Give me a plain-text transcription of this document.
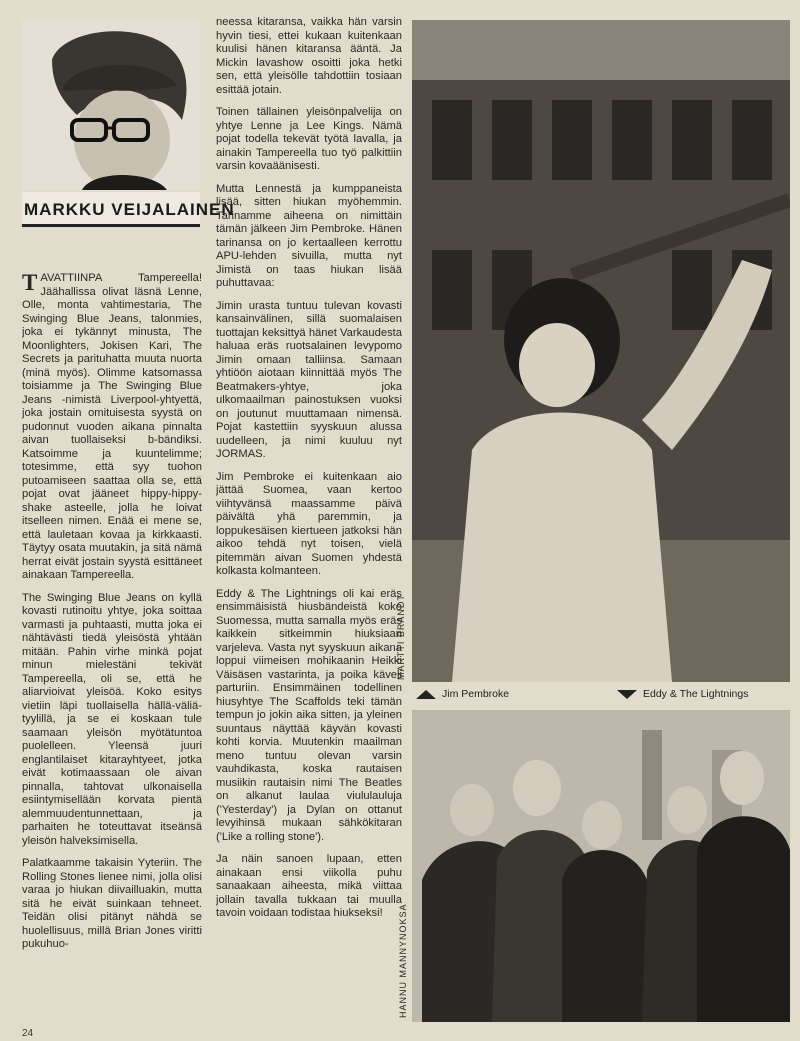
MARKKU VEIJALAINEN

TAVATTIINPA Tampereella! Jäähallissa olivat läsnä Lenne, Olle, monta vahtimestaria, The Swinging Blue Jeans, talonmies, joka ei tykännyt minusta, The Moonlighters, Jokisen Kari, The Secrets ja parituhatta muuta nuorta (minä myös). Olimme katsomassa toisiamme ja The Swinging Blue Jeans -nimistä Liverpool-yhtyettä, joka jostain omituisesta syystä on pudonnut vuoden aikana pinnalta aivan tuollaiseksi b-bändiksi. Katsoimme ja kuuntelimme; totesimme, että syy tuohon putoamiseen saattaa olla se, että pojat ovat jääneet hippy-hippy-shake asteelle, jolla he loivat itselleen nimen. Enää ei mene se, että lauletaan kovaa ja kirkkaasti. Täytyy osata muutakin, ja sitä nämä herrat eivät jostain syystä esittäneet ainakaan Tampereella.

The Swinging Blue Jeans on kyllä kovasti rutinoitu yhtye, joka soittaa varmasti ja puhtaasti, mutta joka ei nähtävästi tiedä yleisöstä yhtään mitään. Pahin virhe minkä pojat minun mielestäni tekivät Tampereella, oli se, että he aliarvioivat yleisöä. Koko esitys vietiin läpi tuollaisella hällä-väliä-tyylillä, ja se ei koskaan tule saamaan yleisön myötätuntoa puolelleen. Yleensä juuri englantilaiset kitarayhtyeet, jotka eivät kotimaassaan ole aivan pinnalla, tahtovat ulkonaisella esiintymisellään korvata pientä alemmuudentunnettaan, ja parhaiten he toteuttavat itseänsä yleisön halveksimisella.

Palatkaamme takaisin Yyteriin. The Rolling Stones lienee nimi, jolla olisi varaa jo hiukan diivailluakin, mutta sitä he eivät suinkaan tehneet. Teidän olisi pitänyt nähdä se huolellisuus, millä Brian Jones viritti pukuhuo-

neessa kitaransa, vaikka hän varsin hyvin tiesi, ettei kukaan kuitenkaan kuulisi hänen kitaransa ääntä. Ja Mickin lavashow osoitti joka hetki sen, että yleisölle tahdottiin tosiaan esittää jotain.

Toinen tällainen yleisönpalvelija on yhtye Lenne ja Lee Kings. Nämä pojat todella tekevät työtä lavalla, ja ainakin Tampereella tuo työ palkittiin varsin kovaäänisesti.

Mutta Lennestä ja kumppaneista lisää, sitten hiukan myöhemmin. Tarinamme aiheena on nimittäin tämän jälkeen Jim Pembroke. Hänen tarinansa on jo kertaalleen kerrottu APU-lehden sivuilla, mutta nyt Jimistä on taas hiukan lisää puhuttavaa:

Jimin urasta tuntuu tulevan kovasti kansainvälinen, sillä suomalaisen tuottajan keksittyä hänet Varkaudesta haluaa eräs ruotsalainen levypomo Jimin omaan talliinsa. Samaan yhtiöön aiotaan kiinnittää myös The Beatmakers-yhtye, joka ulkomaailman painostuksen vuoksi on joutunut muuttamaan nimensä. Pojat kastettiin syyskuun alussa uudelleen, ja nimi kuuluu nyt JORMAS.

Jim Pembroke ei kuitenkaan aio jättää Suomea, vaan kertoo viihtyvänsä maassamme päivä päivältä yhä paremmin, ja loppukesäisen kiertueen jatkoksi hän aikoo tehdä nyt toisen, vielä pitemmän aivan Suomen yhdestä kolkasta kolmanteen.

Eddy & The Lightnings oli kai eräs ensimmäisistä hiusbändeistä koko Suomessa, mutta samalla myös eräs kaikkein sitkeimmin hiuksiaan varjeleva. Vasta nyt syyskuun aikana loppui viimeisen mohikaanin Heikki Väisäsen vastarinta, ja poika käveli parturiin. Ensimmäinen todellinen hiusyhtye The Scaffolds teki tämän tempun jo jokin aika sitten, ja yleinen suuntaus näyttää käyvän kovasti kohti korvia. Muutenkin maailman meno tuntuu olevan varsin vauhdikasta, koska rautaisen musiikin rautaisin nimi The Beatles on alkanut laulaa viululauluja ('Yesterday') ja Dylan on ottanut levyihinsä mukaan sähkökitaran ('Like a rolling stone').

Ja näin sanoen lupaan, etten ainakaan ensi viikolla puhu sanaakaan aiheesta, mikä viittaa jollain tavalla tukkaan tai muulla tavoin voidaan todistaa hiukseksi!

MARTTI BRANDT
Jim Pembroke	Eddy & The Lightnings
HANNU MANNYNOKSA
24
